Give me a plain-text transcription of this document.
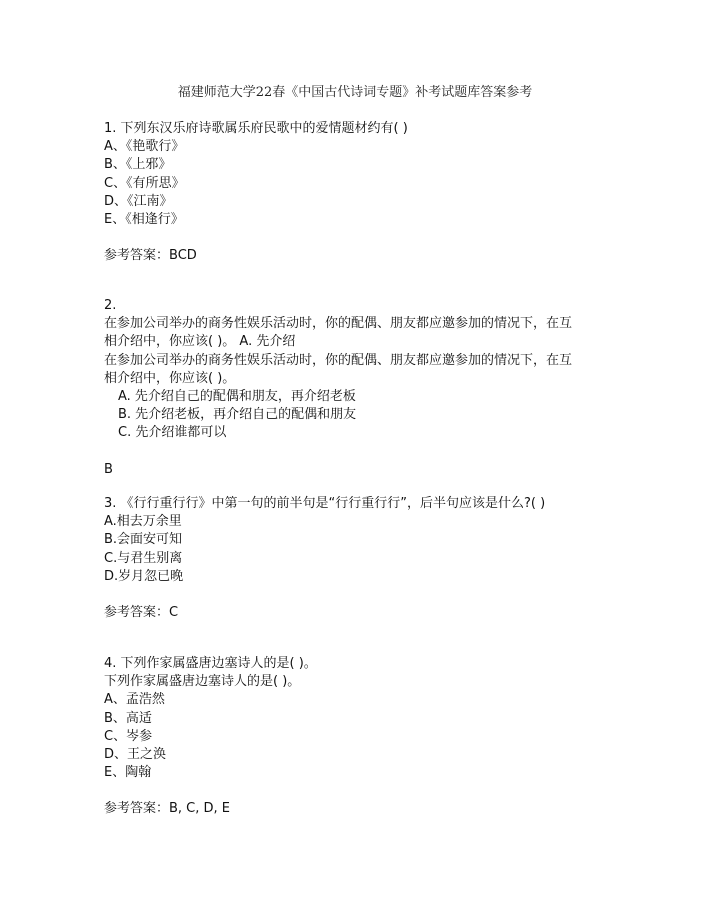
福建师范大学22春《中国古代诗词专题》补考试题库答案参考
1. 下列东汉乐府诗歌属乐府民歌中的爱情题材约有( )
A、《艳歌行》
B、《上邪》
C、《有所思》
D、《江南》
E、《相逢行》
参考答案：BCD
2.
在参加公司举办的商务性娱乐活动时，你的配偶、朋友都应邀参加的情况下，在互
相介绍中，你应该( )。 A. 先介绍
在参加公司举办的商务性娱乐活动时，你的配偶、朋友都应邀参加的情况下，在互
相介绍中，你应该( )。
A. 先介绍自己的配偶和朋友，再介绍老板
B. 先介绍老板，再介绍自己的配偶和朋友
C. 先介绍谁都可以
B
3. 《行行重行行》中第一句的前半句是“行行重行行”，后半句应该是什么?( )
A.相去万余里
B.会面安可知
C.与君生别离
D.岁月忽已晚
参考答案：C
4. 下列作家属盛唐边塞诗人的是( )。
下列作家属盛唐边塞诗人的是( )。
A、孟浩然
B、高适
C、岑参
D、王之涣
E、陶翰
参考答案：B, C, D, E
